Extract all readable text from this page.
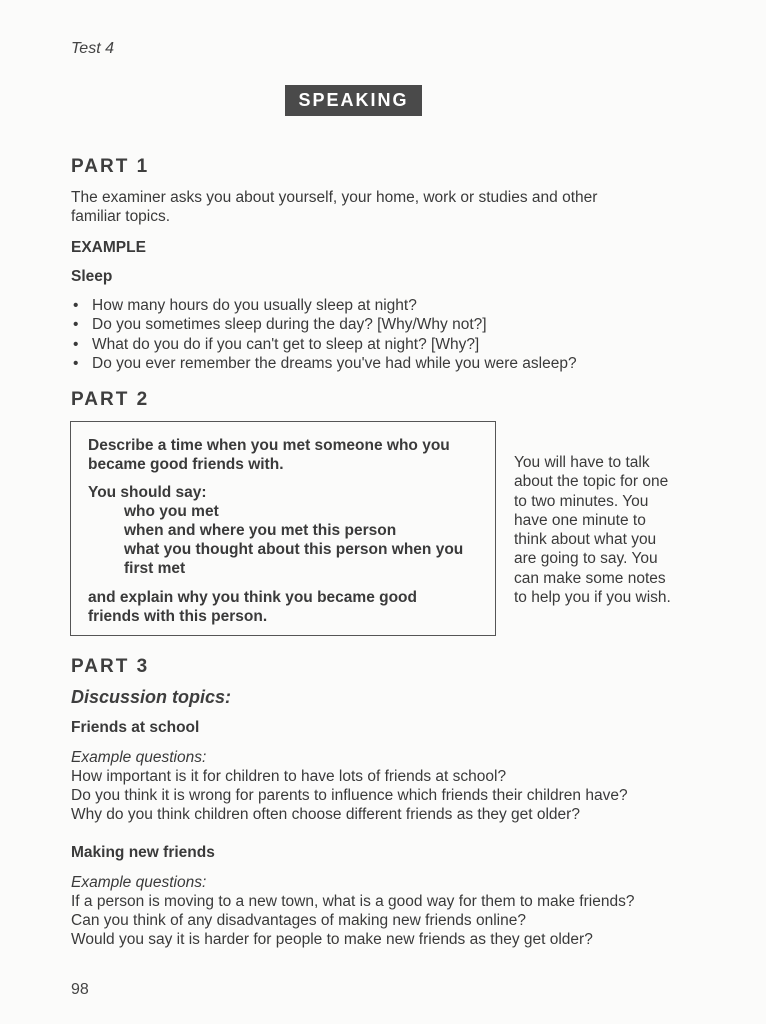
Test 4
SPEAKING
PART 1
The examiner asks you about yourself, your home, work or studies and other
familiar topics.
EXAMPLE
Sleep
• How many hours do you usually sleep at night?
• Do you sometimes sleep during the day? [Why/Why not?]
• What do you do if you can't get to sleep at night? [Why?]
• Do you ever remember the dreams you've had while you were asleep?
PART 2
Describe a time when you met someone who you
became good friends with.
You should say:
who you met
when and where you met this person
what you thought about this person when you
first met
and explain why you think you became good
friends with this person.
You will have to talk
about the topic for one
to two minutes. You
have one minute to
think about what you
are going to say. You
can make some notes
to help you if you wish.
PART 3
Discussion topics:
Friends at school
Example questions:
How important is it for children to have lots of friends at school?
Do you think it is wrong for parents to influence which friends their children have?
Why do you think children often choose different friends as they get older?
Making new friends
Example questions:
If a person is moving to a new town, what is a good way for them to make friends?
Can you think of any disadvantages of making new friends online?
Would you say it is harder for people to make new friends as they get older?
98
